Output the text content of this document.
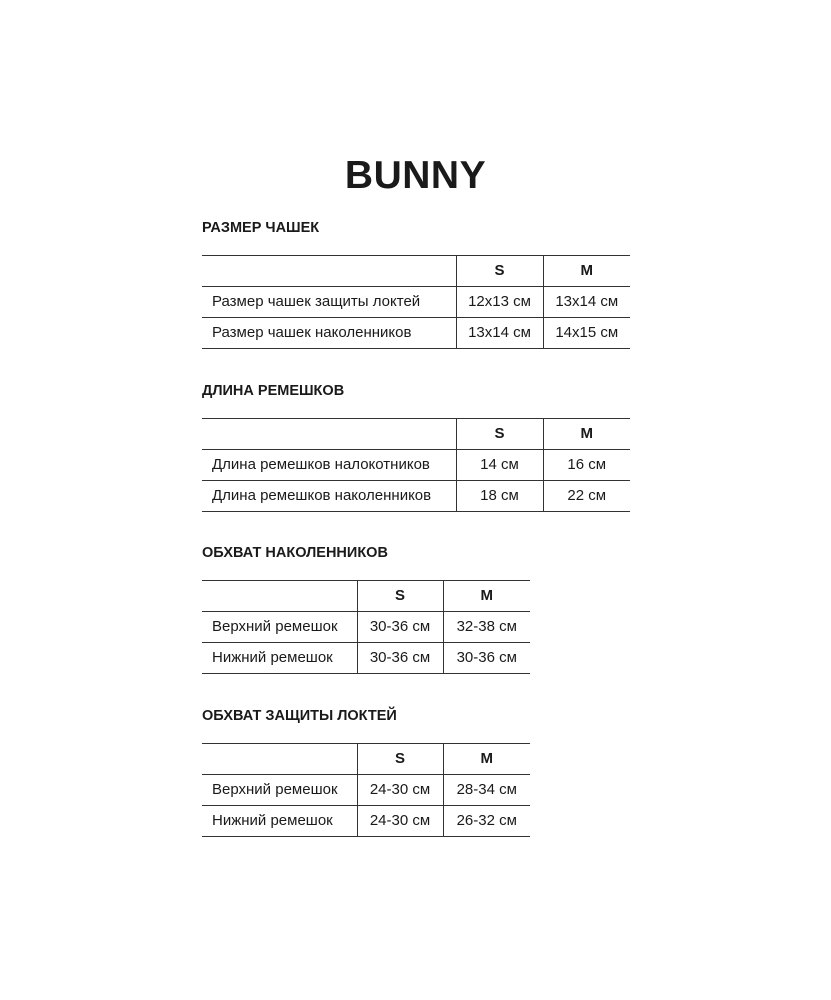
BUNNY
РАЗМЕР ЧАШЕК
	S	M
Размер чашек защиты локтей	12x13 см	13x14 см
Размер чашек наколенников	13x14 см	14x15 см
ДЛИНА РЕМЕШКОВ
	S	M
Длина ремешков налокотников	14 см	16 см
Длина ремешков наколенников	18 см	22 см
ОБХВАТ НАКОЛЕННИКОВ
	S	M
Верхний ремешок	30-36 см	32-38 см
Нижний ремешок	30-36 см	30-36 см
ОБХВАТ ЗАЩИТЫ ЛОКТЕЙ
	S	M
Верхний ремешок	24-30 см	28-34 см
Нижний ремешок	24-30 см	26-32 см
